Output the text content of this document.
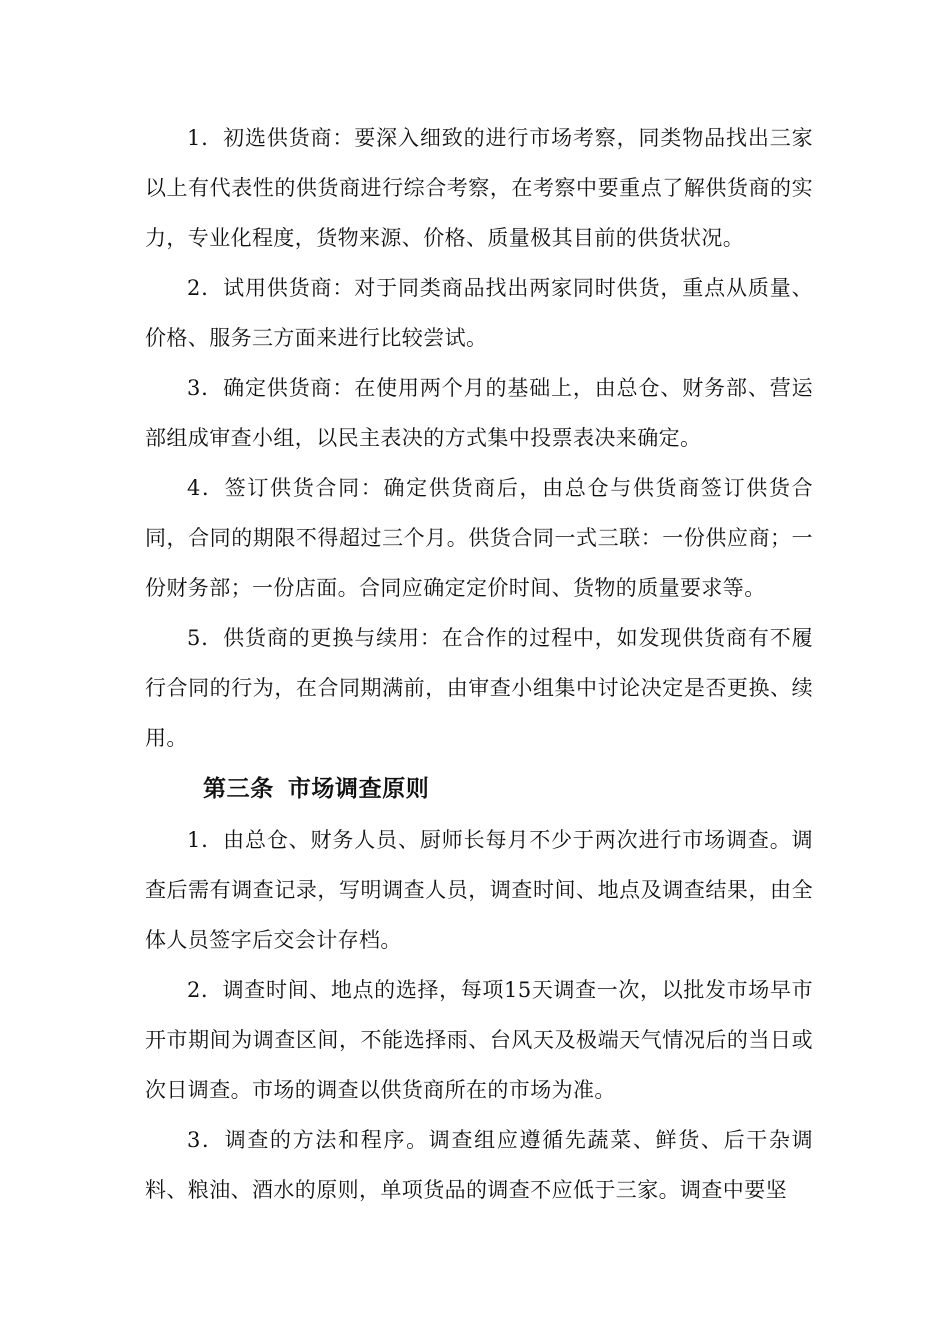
1．初选供货商：要深入细致的进行市场考察，同类物品找出三家以上有代表性的供货商进行综合考察，在考察中要重点了解供货商的实力，专业化程度，货物来源、价格、质量极其目前的供货状况。

2．试用供货商：对于同类商品找出两家同时供货，重点从质量、价格、服务三方面来进行比较尝试。

3．确定供货商：在使用两个月的基础上，由总仓、财务部、营运部组成审查小组，以民主表决的方式集中投票表决来确定。

4．签订供货合同：确定供货商后，由总仓与供货商签订供货合同，合同的期限不得超过三个月。供货合同一式三联：一份供应商；一份财务部；一份店面。合同应确定定价时间、货物的质量要求等。

5．供货商的更换与续用：在合作的过程中，如发现供货商有不履行合同的行为，在合同期满前，由审查小组集中讨论决定是否更换、续用。

第三条 市场调查原则

1．由总仓、财务人员、厨师长每月不少于两次进行市场调查。调查后需有调查记录，写明调查人员，调查时间、地点及调查结果，由全体人员签字后交会计存档。

2．调查时间、地点的选择，每项15天调查一次，以批发市场早市开市期间为调查区间，不能选择雨、台风天及极端天气情况后的当日或次日调查。市场的调查以供货商所在的市场为准。

3．调查的方法和程序。调查组应遵循先蔬菜、鲜货、后干杂调料、粮油、酒水的原则，单项货品的调查不应低于三家。调查中要坚
